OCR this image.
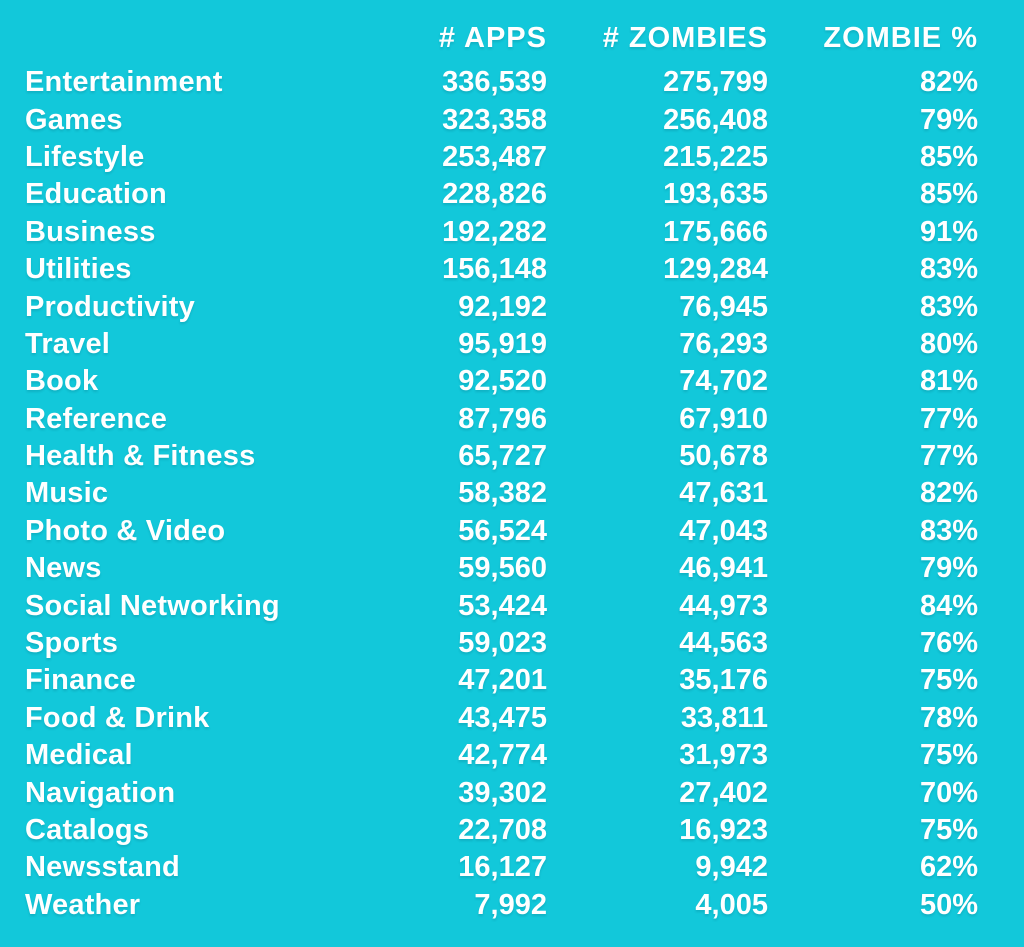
	# APPS	# ZOMBIES	ZOMBIE %
Entertainment	336,539	275,799	82%
Games	323,358	256,408	79%
Lifestyle	253,487	215,225	85%
Education	228,826	193,635	85%
Business	192,282	175,666	91%
Utilities	156,148	129,284	83%
Productivity	92,192	76,945	83%
Travel	95,919	76,293	80%
Book	92,520	74,702	81%
Reference	87,796	67,910	77%
Health & Fitness	65,727	50,678	77%
Music	58,382	47,631	82%
Photo & Video	56,524	47,043	83%
News	59,560	46,941	79%
Social Networking	53,424	44,973	84%
Sports	59,023	44,563	76%
Finance	47,201	35,176	75%
Food & Drink	43,475	33,811	78%
Medical	42,774	31,973	75%
Navigation	39,302	27,402	70%
Catalogs	22,708	16,923	75%
Newsstand	16,127	9,942	62%
Weather	7,992	4,005	50%
